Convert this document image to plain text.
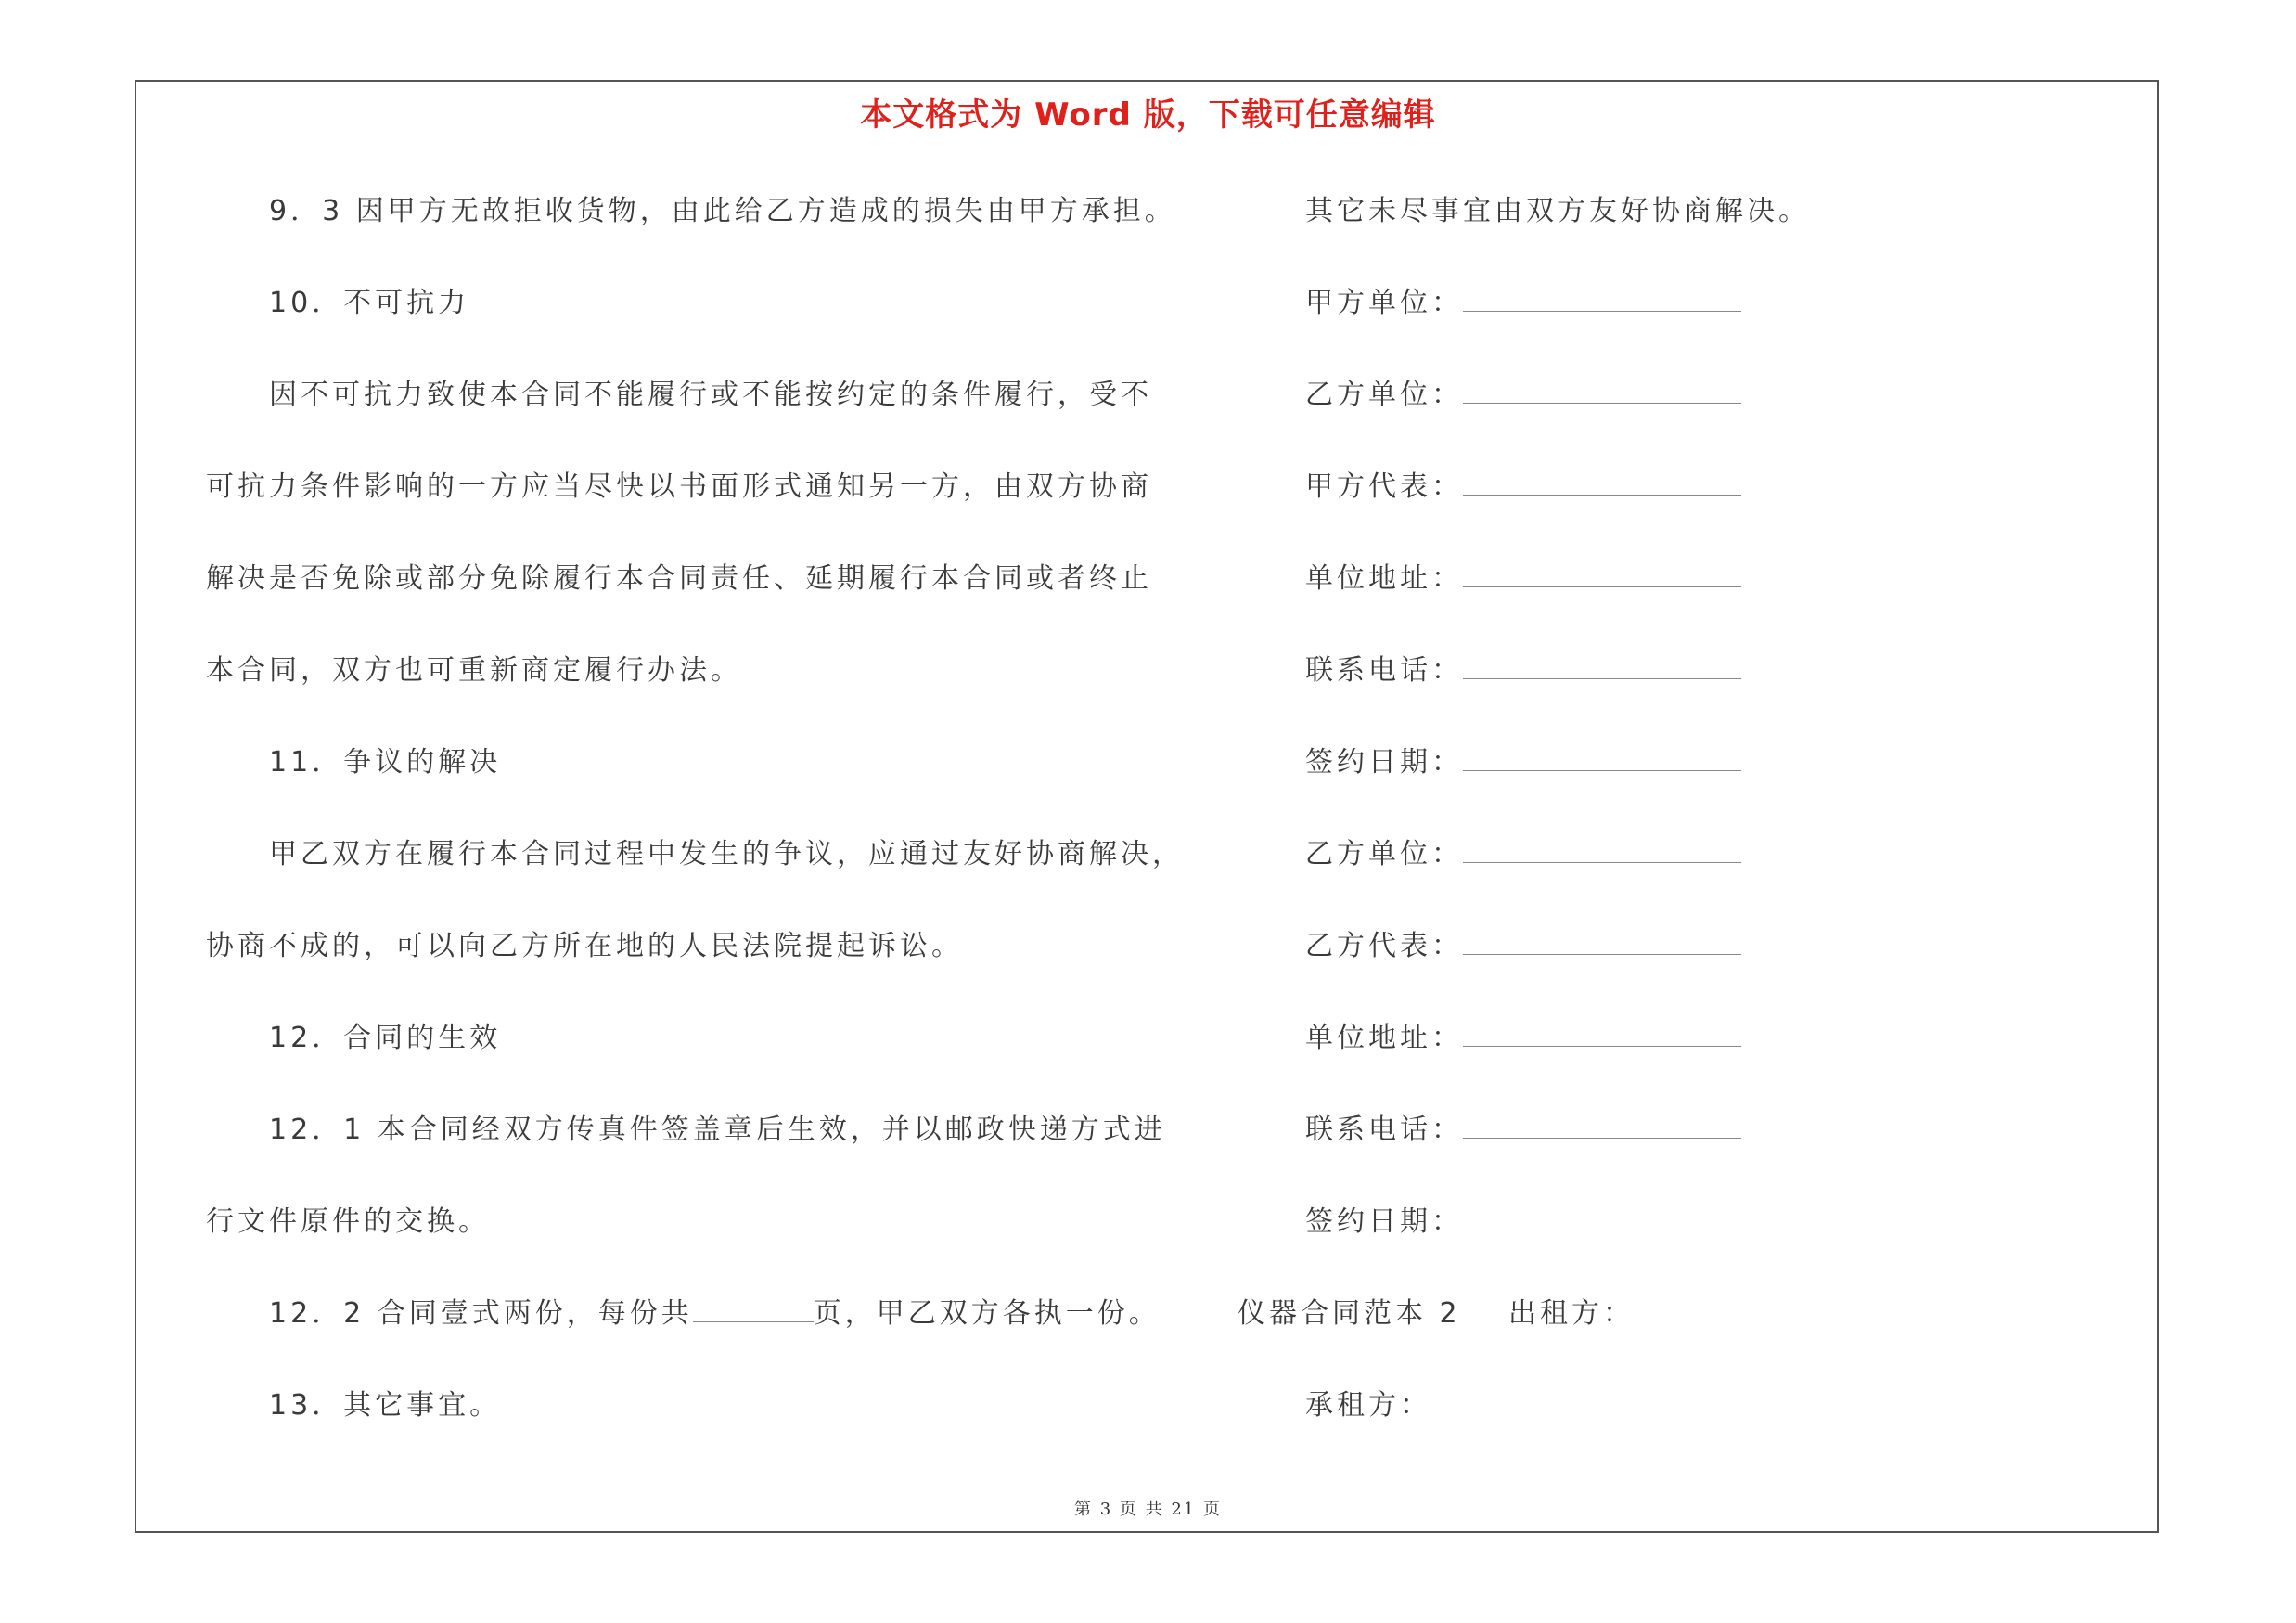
本文格式为 Word 版，下载可任意编辑
9．3 因甲方无故拒收货物，由此给乙方造成的损失由甲方承担。
10．不可抗力
因不可抗力致使本合同不能履行或不能按约定的条件履行，受不
可抗力条件影响的一方应当尽快以书面形式通知另一方，由双方协商
解决是否免除或部分免除履行本合同责任、延期履行本合同或者终止
本合同，双方也可重新商定履行办法。
11．争议的解决
甲乙双方在履行本合同过程中发生的争议，应通过友好协商解决，
协商不成的，可以向乙方所在地的人民法院提起诉讼。
12．合同的生效
12．1 本合同经双方传真件签盖章后生效，并以邮政快递方式进
行文件原件的交换。
12．2 合同壹式两份，每份共	页，甲乙双方各执一份。
13．其它事宜。
其它未尽事宜由双方友好协商解决。
甲方单位：
乙方单位：
甲方代表：
单位地址：
联系电话：
签约日期：
乙方单位：
乙方代表：
单位地址：
联系电话：
签约日期：
仪器合同范本 2 出租方：
承租方：
第 3 页 共 21 页
